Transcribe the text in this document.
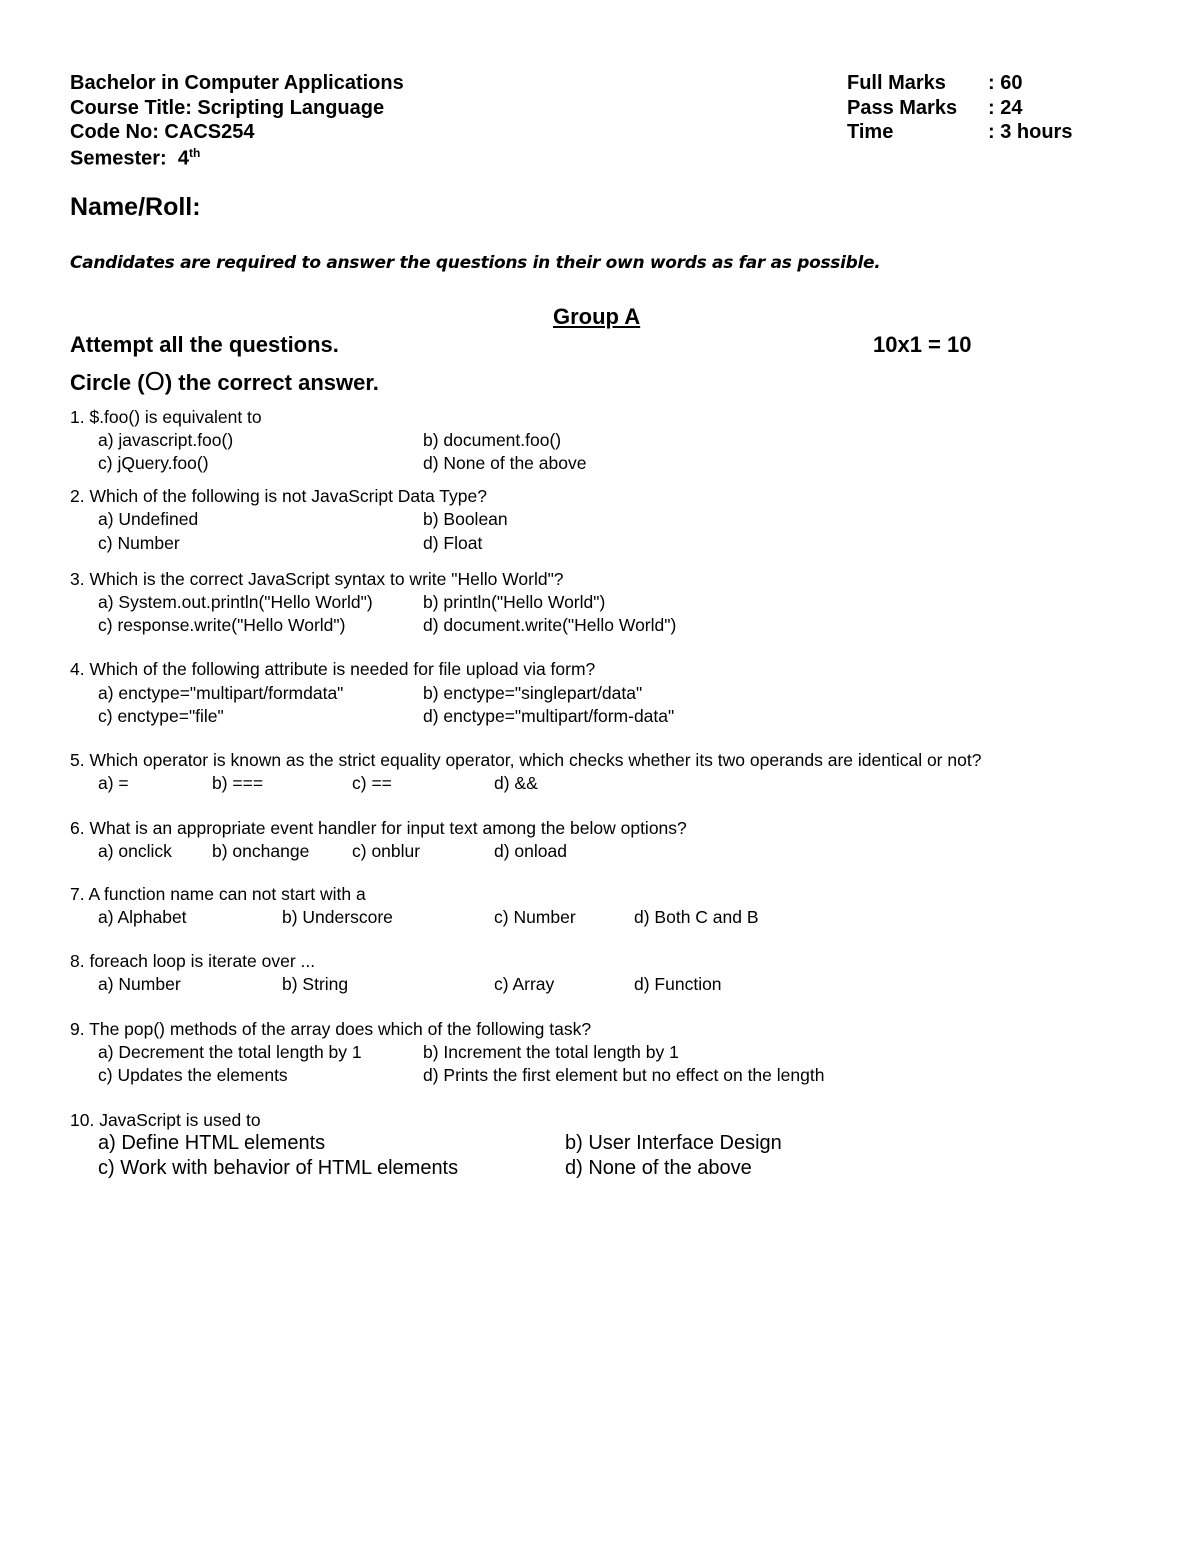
Bachelor in Computer Applications
Course Title: Scripting Language
Code No: CACS254
Semester: 4th
Full Marks : 60
Pass Marks : 24
Time	: 3 hours
Name/Roll:
Candidates are required to answer the questions in their own words as far as possible.
Group A
Attempt all the questions.	10x1 = 10
Circle (O) the correct answer.
1. $.foo() is equivalent to
a) javascript.foo()	b) document.foo()
c) jQuery.foo()	d) None of the above
2. Which of the following is not JavaScript Data Type?
a) Undefined	b) Boolean
c) Number	d) Float
3. Which is the correct JavaScript syntax to write "Hello World"?
a) System.out.println("Hello World")	b) println("Hello World")
c) response.write("Hello World")	d) document.write("Hello World")
4. Which of the following attribute is needed for file upload via form?
a) enctype="multipart/formdata"	b) enctype="singlepart/data"
c) enctype="file"	d) enctype="multipart/form-data"
5. Which operator is known as the strict equality operator, which checks whether its two operands are identical or not?
a) =	b) ===	c) ==	d) &&
6. What is an appropriate event handler for input text among the below options?
a) onclick b) onchange c) onblur	d) onload
7. A function name can not start with a
a) Alphabet	b) Underscore	c) Number	d) Both C and B
8. foreach loop is iterate over ...
a) Number	b) String	c) Array	d) Function
9. The pop() methods of the array does which of the following task?
a) Decrement the total length by 1	b) Increment the total length by 1
c) Updates the elements	d) Prints the first element but no effect on the length
10. JavaScript is used to
a) Define HTML elements	b) User Interface Design
c) Work with behavior of HTML elements	d) None of the above
